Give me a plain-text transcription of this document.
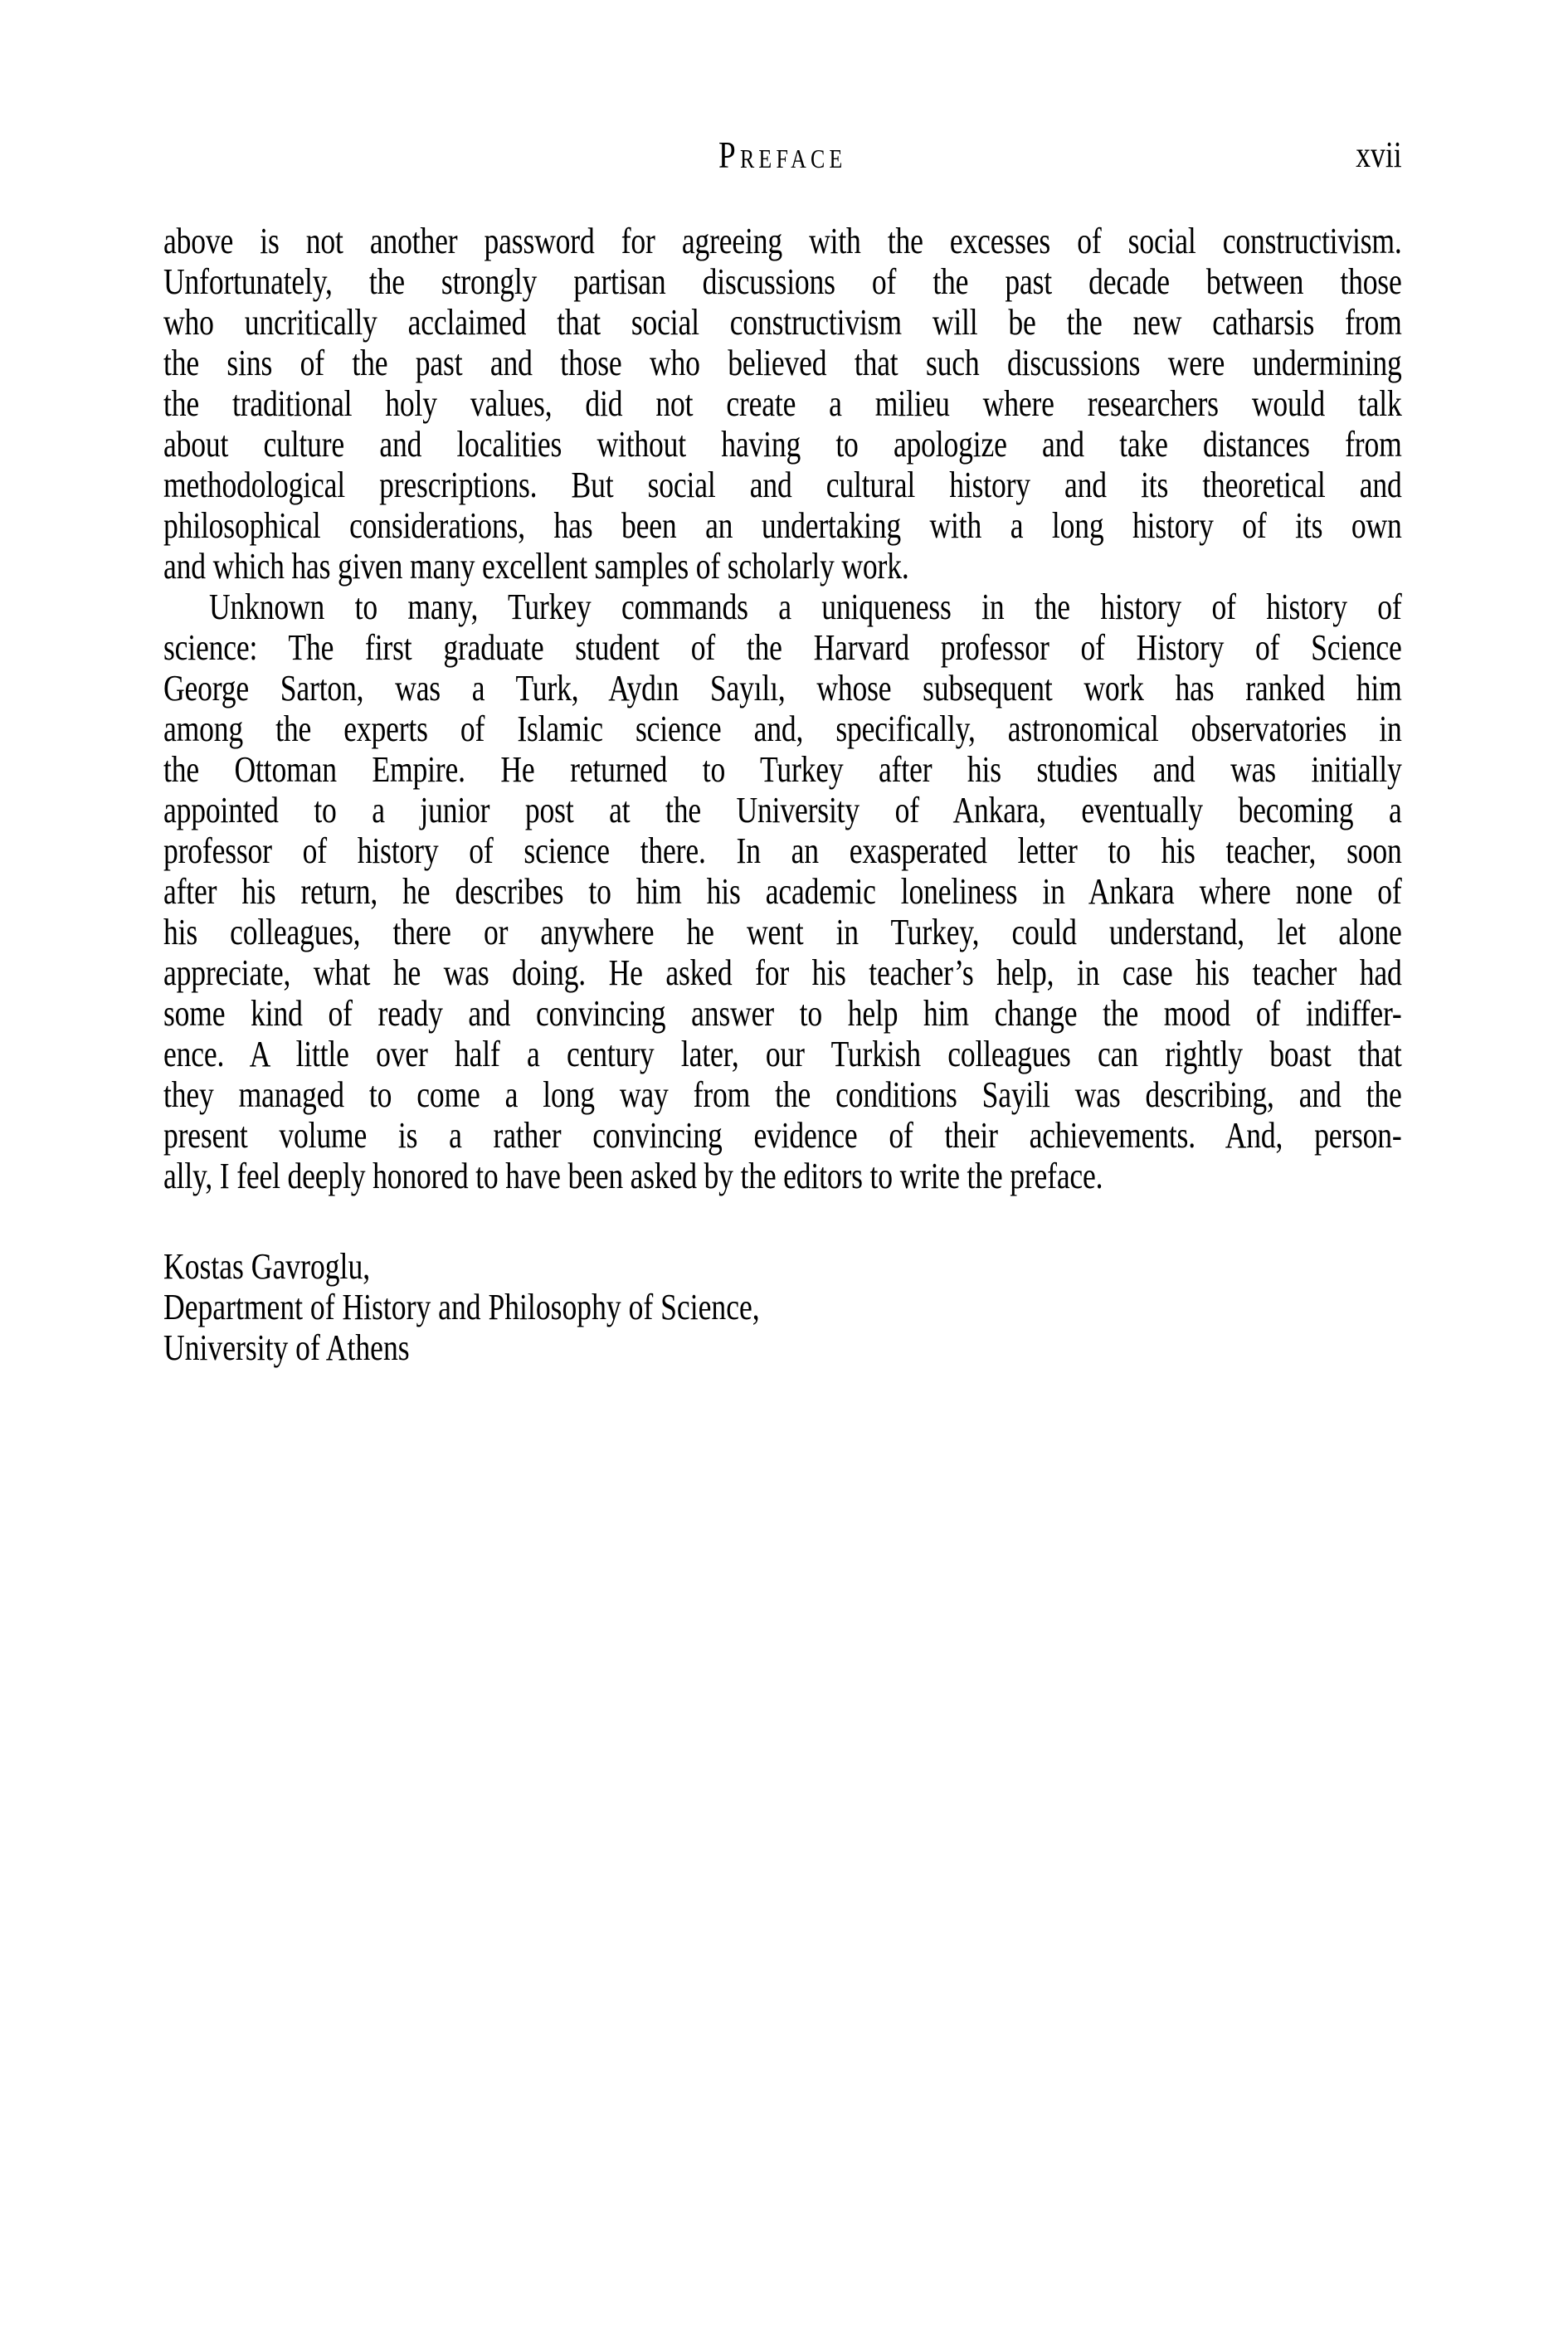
Preface	xvii
above is not another password for agreeing with the excesses of social constructivism.
Unfortunately, the strongly partisan discussions of the past decade between those
who uncritically acclaimed that social constructivism will be the new catharsis from
the sins of the past and those who believed that such discussions were undermining
the traditional holy values, did not create a milieu where researchers would talk
about culture and localities without having to apologize and take distances from
methodological prescriptions. But social and cultural history and its theoretical and
philosophical considerations, has been an undertaking with a long history of its own
and which has given many excellent samples of scholarly work.
Unknown to many, Turkey commands a uniqueness in the history of history of
science: The first graduate student of the Harvard professor of History of Science
George Sarton, was a Turk, Aydın Sayılı, whose subsequent work has ranked him
among the experts of Islamic science and, specifically, astronomical observatories in
the Ottoman Empire. He returned to Turkey after his studies and was initially
appointed to a junior post at the University of Ankara, eventually becoming a
professor of history of science there. In an exasperated letter to his teacher, soon
after his return, he describes to him his academic loneliness in Ankara where none of
his colleagues, there or anywhere he went in Turkey, could understand, let alone
appreciate, what he was doing. He asked for his teacher’s help, in case his teacher had
some kind of ready and convincing answer to help him change the mood of indiffer-
ence. A little over half a century later, our Turkish colleagues can rightly boast that
they managed to come a long way from the conditions Sayili was describing, and the
present volume is a rather convincing evidence of their achievements. And, person-
ally, I feel deeply honored to have been asked by the editors to write the preface.
Kostas Gavroglu,
Department of History and Philosophy of Science,
University of Athens
